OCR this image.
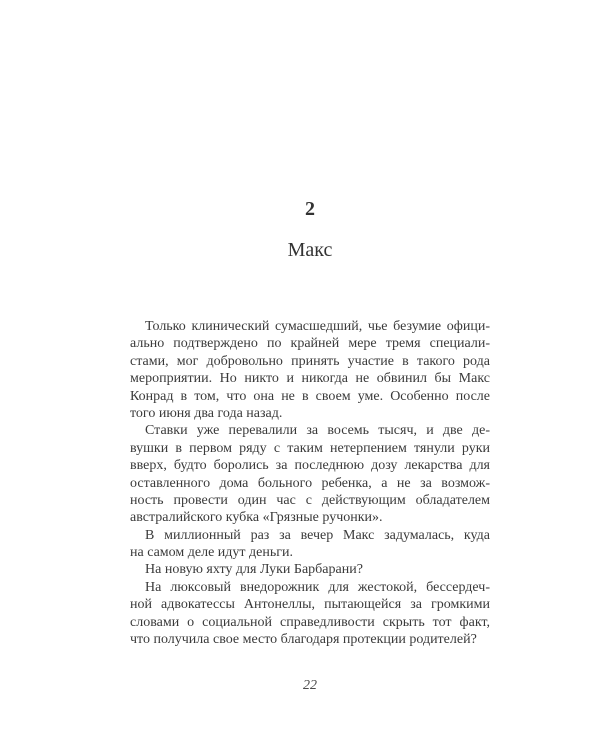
2
Макс
Только клинический сумасшедший, чье безумие офици-
ально подтверждено по крайней мере тремя специали-
стами, мог добровольно принять участие в такого рода
мероприятии. Но никто и никогда не обвинил бы Макс
Конрад в том, что она не в своем уме. Особенно после
того июня два года назад.
Ставки уже перевалили за восемь тысяч, и две де-
вушки в первом ряду с таким нетерпением тянули руки
вверх, будто боролись за последнюю дозу лекарства для
оставленного дома больного ребенка, а не за возмож-
ность провести один час с действующим обладателем
австралийского кубка «Грязные ручонки».
В миллионный раз за вечер Макс задумалась, куда
на самом деле идут деньги.
На новую яхту для Луки Барбарани?
На люксовый внедорожник для жестокой, бессердеч-
ной адвокатессы Антонеллы, пытающейся за громкими
словами о социальной справедливости скрыть тот факт,
что получила свое место благодаря протекции родителей?
22
